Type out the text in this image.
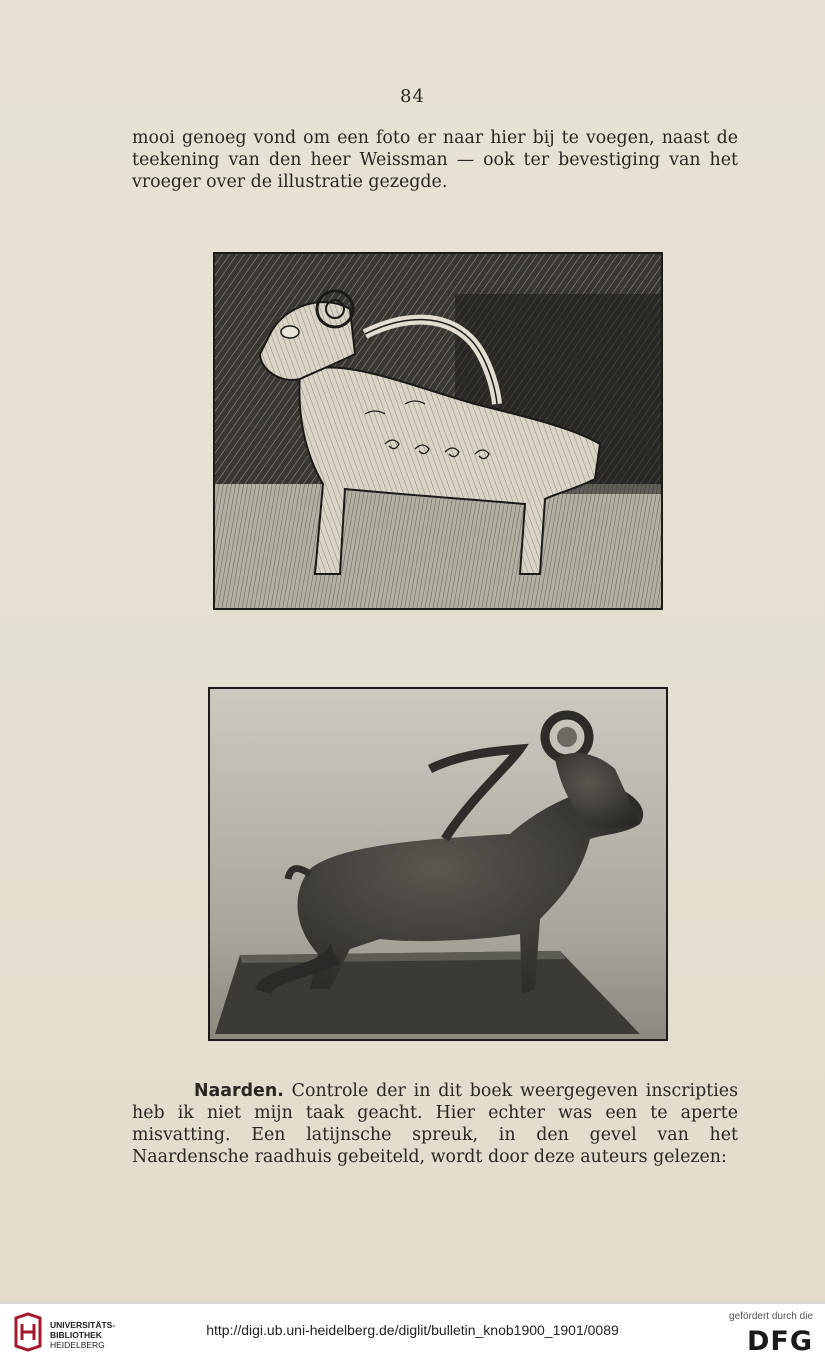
84
mooi genoeg vond om een foto er naar hier bij te voegen, naast de teekening van den heer Weissman — ook ter bevestiging van het vroeger over de illustratie gezegde.
Naarden. Controle der in dit boek weergegeven inscripties heb ik niet mijn taak geacht. Hier echter was een te aperte misvatting. Een latijnsche spreuk, in den gevel van het Naardensche raadhuis gebeiteld, wordt door deze auteurs gelezen:
UNIVERSITÄTS-
BIBLIOTHEK
HEIDELBERG
http://digi.ub.uni-heidelberg.de/diglit/bulletin_knob1900_1901/0089
gefördert durch die
DFG
